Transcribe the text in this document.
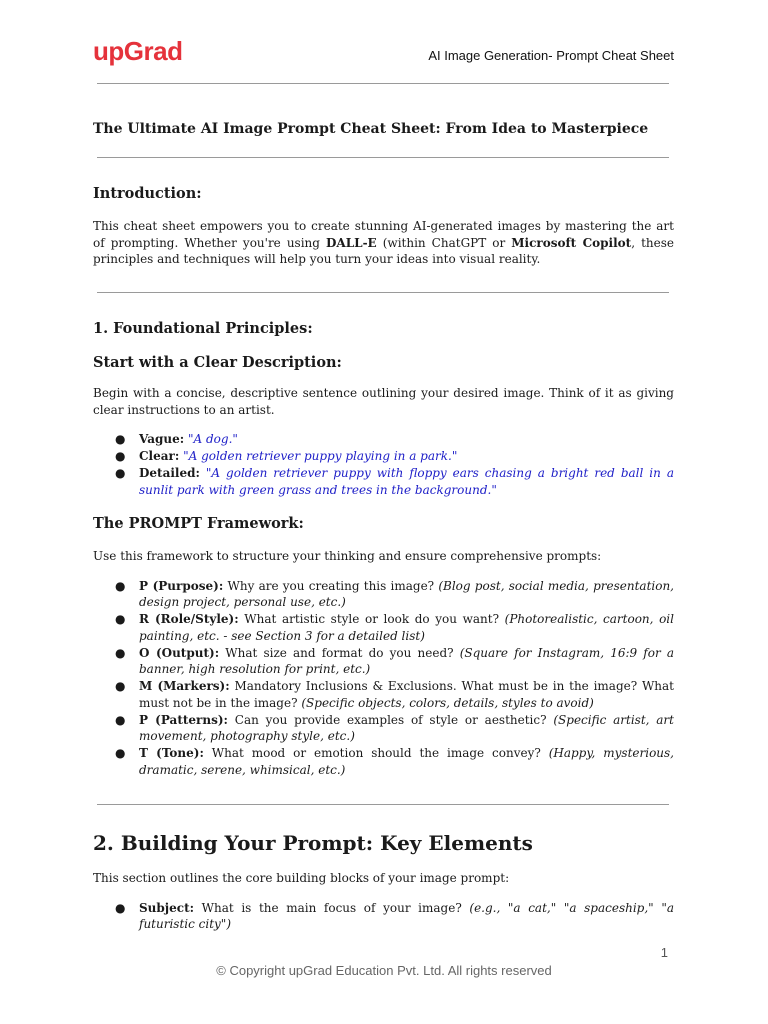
upGrad	AI Image Generation- Prompt Cheat Sheet

The Ultimate AI Image Prompt Cheat Sheet: From Idea to Masterpiece

Introduction:

This cheat sheet empowers you to create stunning AI-generated images by mastering the art of prompting. Whether you're using DALL-E (within ChatGPT or Microsoft Copilot, these principles and techniques will help you turn your ideas into visual reality.

1. Foundational Principles:

Start with a Clear Description:

Begin with a concise, descriptive sentence outlining your desired image. Think of it as giving clear instructions to an artist.

● Vague: "A dog."
● Clear: "A golden retriever puppy playing in a park."
● Detailed: "A golden retriever puppy with floppy ears chasing a bright red ball in a sunlit park with green grass and trees in the background."

The PROMPT Framework:

Use this framework to structure your thinking and ensure comprehensive prompts:

● P (Purpose): Why are you creating this image? (Blog post, social media, presentation, design project, personal use, etc.)
● R (Role/Style): What artistic style or look do you want? (Photorealistic, cartoon, oil painting, etc. - see Section 3 for a detailed list)
● O (Output): What size and format do you need? (Square for Instagram, 16:9 for a banner, high resolution for print, etc.)
● M (Markers): Mandatory Inclusions & Exclusions. What must be in the image? What must not be in the image? (Specific objects, colors, details, styles to avoid)
● P (Patterns): Can you provide examples of style or aesthetic? (Specific artist, art movement, photography style, etc.)
● T (Tone): What mood or emotion should the image convey? (Happy, mysterious, dramatic, serene, whimsical, etc.)

2. Building Your Prompt: Key Elements

This section outlines the core building blocks of your image prompt:

● Subject: What is the main focus of your image? (e.g., "a cat," "a spaceship," "a futuristic city")
1
© Copyright upGrad Education Pvt. Ltd. All rights reserved
